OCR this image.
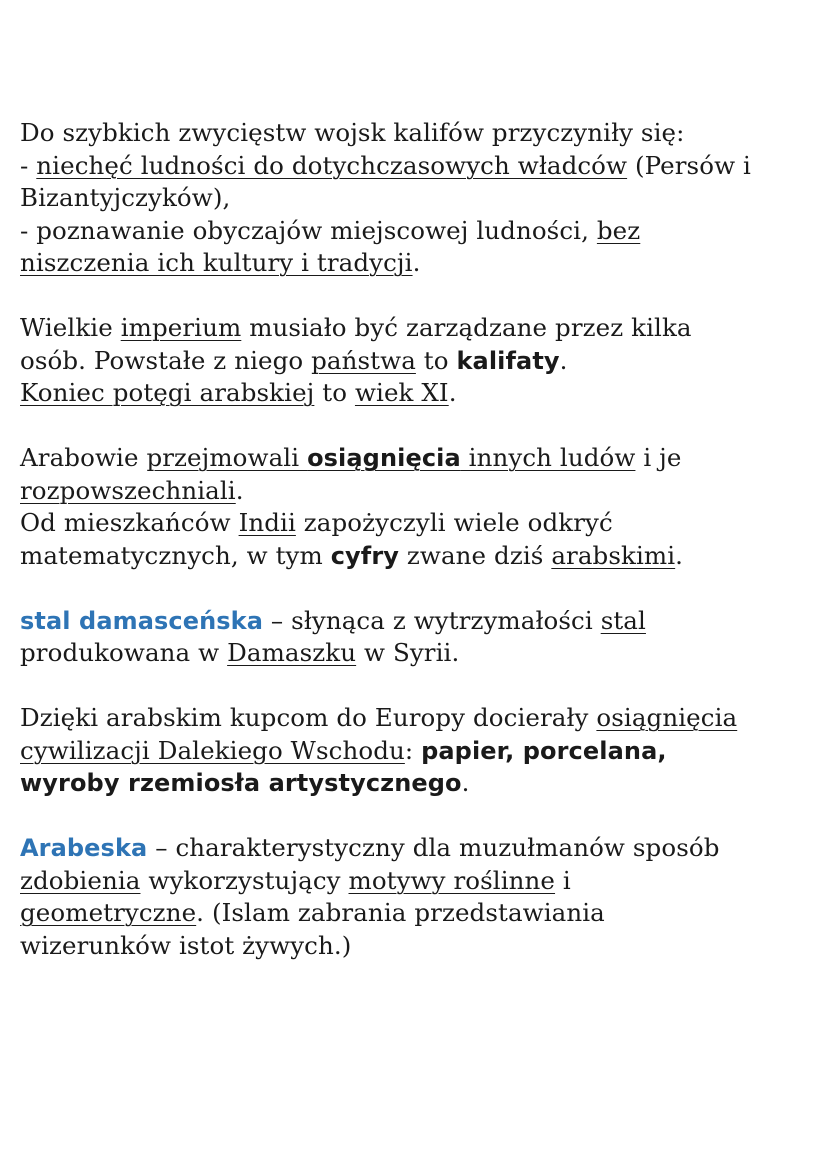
Do szybkich zwycięstw wojsk kalifów przyczyniły się:
- niechęć ludności do dotychczasowych władców (Persów i
Bizantyjczyków),
- poznawanie obyczajów miejscowej ludności, bez
niszczenia ich kultury i tradycji.
Wielkie imperium musiało być zarządzane przez kilka
osób. Powstałe z niego państwa to kalifaty.
Koniec potęgi arabskiej to wiek XI.
Arabowie przejmowali osiągnięcia innych ludów i je
rozpowszechniali.
Od mieszkańców Indii zapożyczyli wiele odkryć
matematycznych, w tym cyfry zwane dziś arabskimi.
stal damasceńska – słynąca z wytrzymałości stal
produkowana w Damaszku w Syrii.
Dzięki arabskim kupcom do Europy docierały osiągnięcia
cywilizacji Dalekiego Wschodu: papier, porcelana,
wyroby rzemiosła artystycznego.
Arabeska – charakterystyczny dla muzułmanów sposób
zdobienia wykorzystujący motywy roślinne i
geometryczne. (Islam zabrania przedstawiania
wizerunków istot żywych.)
